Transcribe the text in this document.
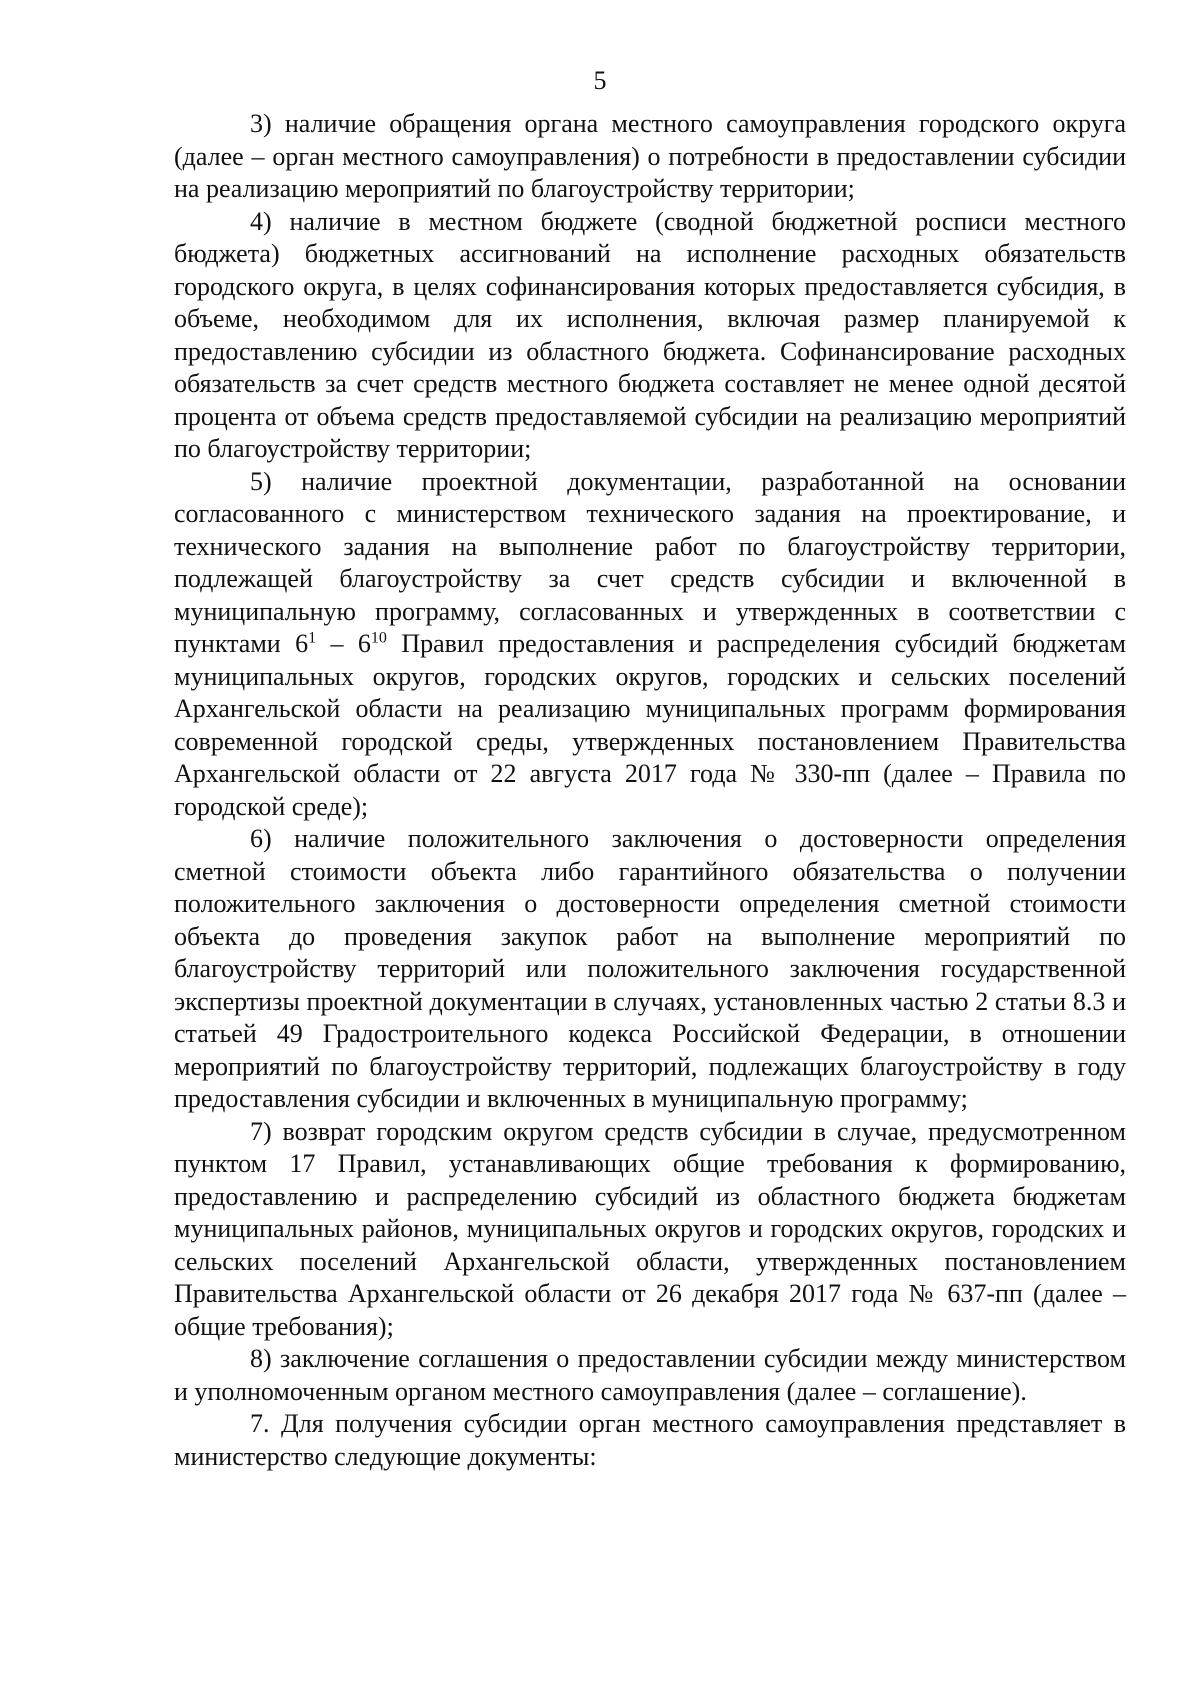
5

3) наличие обращения органа местного самоуправления городского округа (далее – орган местного самоуправления) о потребности в предоставлении субсидии на реализацию мероприятий по благоустройству территории;

4) наличие в местном бюджете (сводной бюджетной росписи местного бюджета) бюджетных ассигнований на исполнение расходных обязательств городского округа, в целях софинансирования которых предоставляется субсидия, в объеме, необходимом для их исполнения, включая размер планируемой к предоставлению субсидии из областного бюджета. Софинансирование расходных обязательств за счет средств местного бюджета составляет не менее одной десятой процента от объема средств предоставляемой субсидии на реализацию мероприятий по благоустройству территории;

5) наличие проектной документации, разработанной на основании согласованного с министерством технического задания на проектирование, и технического задания на выполнение работ по благоустройству территории, подлежащей благоустройству за счет средств субсидии и включенной в муниципальную программу, согласованных и утвержденных в соответствии с пунктами $6^1 - 6^{10}$ Правил предоставления и распределения субсидий бюджетам муниципальных округов, городских округов, городских и сельских поселений Архангельской области на реализацию муниципальных программ формирования современной городской среды, утвержденных постановлением Правительства Архангельской области от 22 августа 2017 года № 330-пп (далее – Правила по городской среде);

6) наличие положительного заключения о достоверности определения сметной стоимости объекта либо гарантийного обязательства о получении положительного заключения о достоверности определения сметной стоимости объекта до проведения закупок работ на выполнение мероприятий по благоустройству территорий или положительного заключения государственной экспертизы проектной документации в случаях, установленных частью 2 статьи 8.3 и статьей 49 Градостроительного кодекса Российской Федерации, в отношении мероприятий по благоустройству территорий, подлежащих благоустройству в году предоставления субсидии и включенных в муниципальную программу;

7) возврат городским округом средств субсидии в случае, предусмотренном пунктом 17 Правил, устанавливающих общие требования к формированию, предоставлению и распределению субсидий из областного бюджета бюджетам муниципальных районов, муниципальных округов и городских округов, городских и сельских поселений Архангельской области, утвержденных постановлением Правительства Архангельской области от 26 декабря 2017 года № 637-пп (далее – общие требования);

8) заключение соглашения о предоставлении субсидии между министерством и уполномоченным органом местного самоуправления (далее – соглашение).

7. Для получения субсидии орган местного самоуправления представляет в министерство следующие документы:
